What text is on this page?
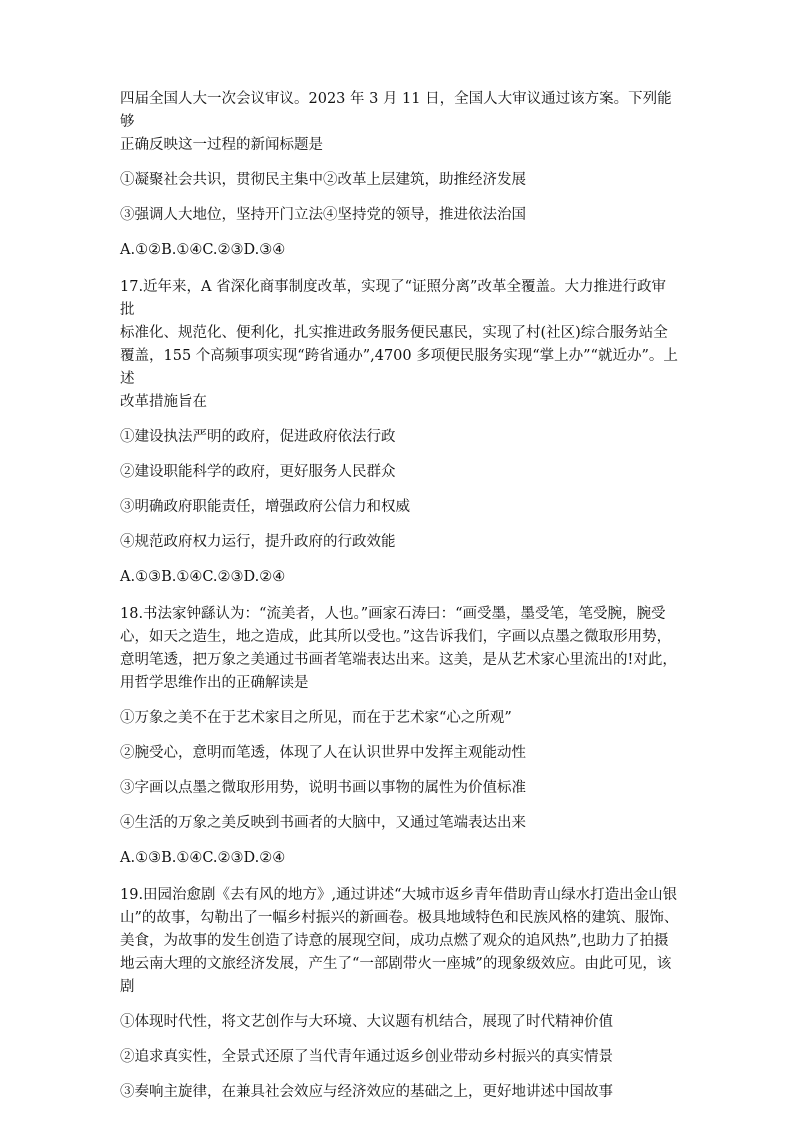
四届全国人大一次会议审议。2023 年 3 月 11 日，全国人大审议通过该方案。下列能够
正确反映这一过程的新闻标题是
①凝聚社会共识，贯彻民主集中②改革上层建筑，助推经济发展
③强调人大地位，坚持开门立法④坚持党的领导，推进依法治国
A.①②B.①④C.②③D.③④
17.近年来，A 省深化商事制度改革，实现了“证照分离”改革全覆盖。大力推进行政审批
标准化、规范化、便利化，扎实推进政务服务便民惠民，实现了村(社区)综合服务站全
覆盖，155 个高频事项实现“跨省通办”,4700 多项便民服务实现“掌上办”“就近办”。上述
改革措施旨在
①建设执法严明的政府，促进政府依法行政
②建设职能科学的政府，更好服务人民群众
③明确政府职能责任，增强政府公信力和权威
④规范政府权力运行，提升政府的行政效能
A.①③B.①④C.②③D.②④
18.书法家钟繇认为：“流美者，人也。”画家石涛曰：“画受墨，墨受笔，笔受腕，腕受
心，如天之造生，地之造成，此其所以受也。”这告诉我们，字画以点墨之微取形用势，
意明笔透，把万象之美通过书画者笔端表达出来。这美，是从艺术家心里流出的!对此，
用哲学思维作出的正确解读是
①万象之美不在于艺术家目之所见，而在于艺术家“心之所观”
②腕受心，意明而笔透，体现了人在认识世界中发挥主观能动性
③字画以点墨之微取形用势，说明书画以事物的属性为价值标准
④生活的万象之美反映到书画者的大脑中，又通过笔端表达出来
A.①③B.①④C.②③D.②④
19.田园治愈剧《去有风的地方》,通过讲述“大城市返乡青年借助青山绿水打造出金山银
山”的故事，勾勒出了一幅乡村振兴的新画卷。极具地域特色和民族风格的建筑、服饰、
美食，为故事的发生创造了诗意的展现空间，成功点燃了观众的追风热”,也助力了拍摄
地云南大理的文旅经济发展，产生了“一部剧带火一座城”的现象级效应。由此可见，该
剧
①体现时代性，将文艺创作与大环境、大议题有机结合，展现了时代精神价值
②追求真实性，全景式还原了当代青年通过返乡创业带动乡村振兴的真实情景
③奏响主旋律，在兼具社会效应与经济效应的基础之上，更好地讲述中国故事
